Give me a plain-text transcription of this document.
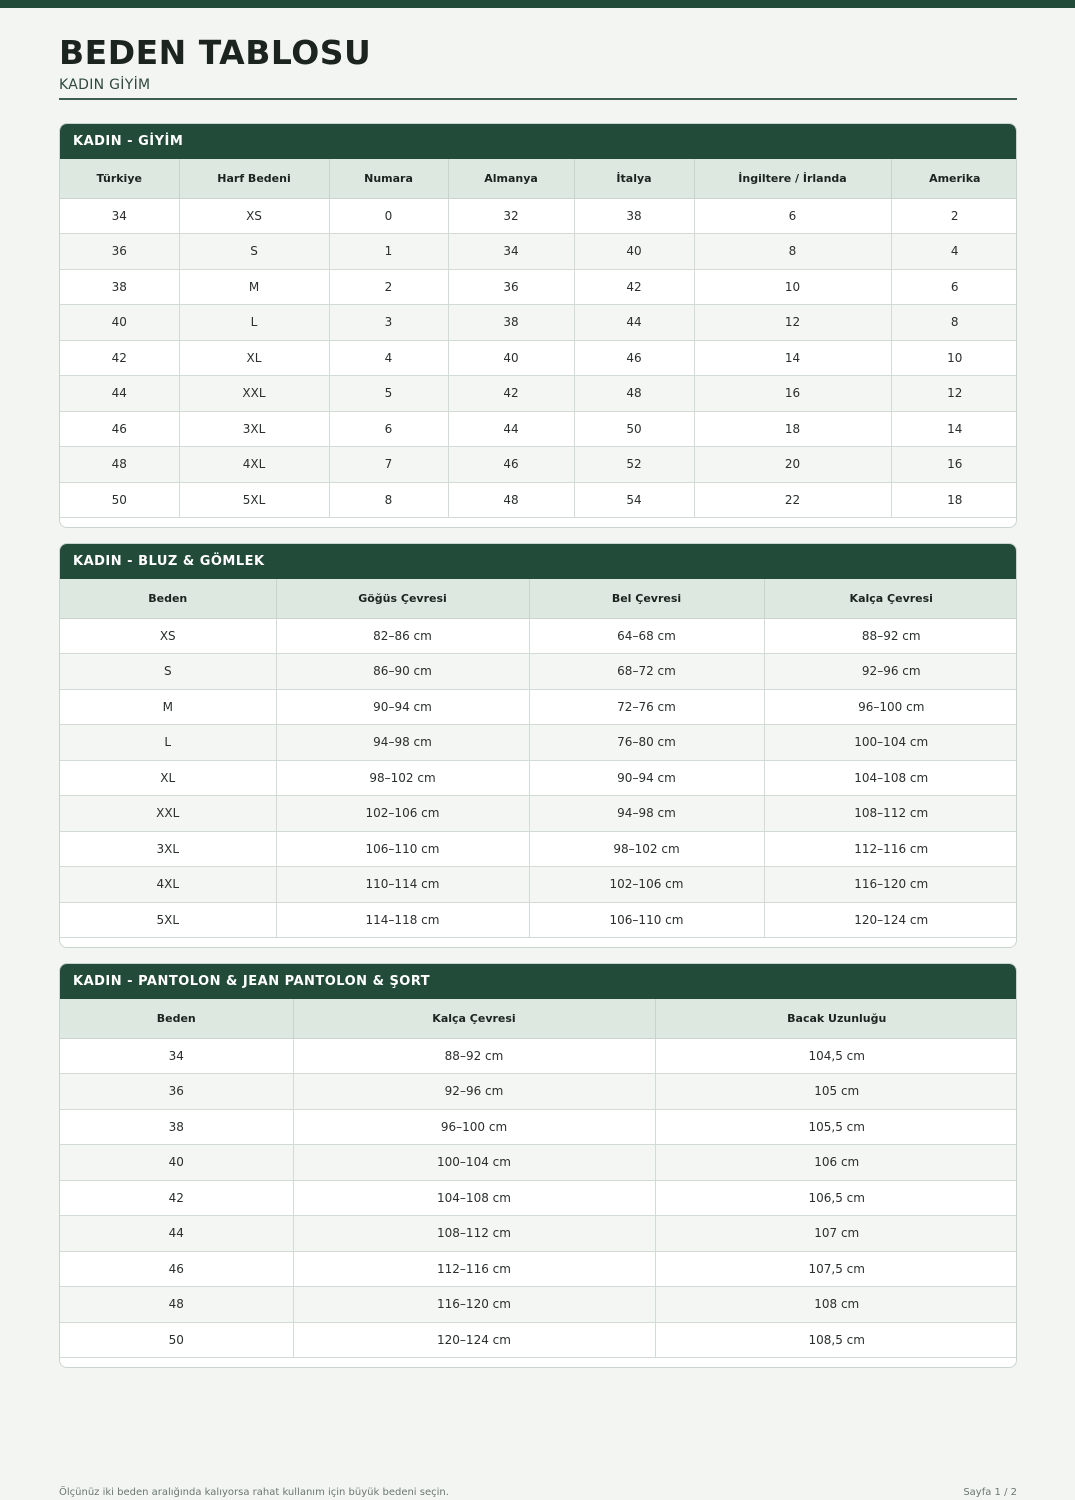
BEDEN TABLOSU
KADIN GİYİM
KADIN - GİYİM
Türkiye	Harf Bedeni	Numara	Almanya	İtalya	İngiltere / İrlanda	Amerika
34	XS	0	32	38	6	2
36	S	1	34	40	8	4
38	M	2	36	42	10	6
40	L	3	38	44	12	8
42	XL	4	40	46	14	10
44	XXL	5	42	48	16	12
46	3XL	6	44	50	18	14
48	4XL	7	46	52	20	16
50	5XL	8	48	54	22	18
KADIN - BLUZ & GÖMLEK
Beden	Göğüs Çevresi	Bel Çevresi	Kalça Çevresi
XS	82–86 cm	64–68 cm	88–92 cm
S	86–90 cm	68–72 cm	92–96 cm
M	90–94 cm	72–76 cm	96–100 cm
L	94–98 cm	76–80 cm	100–104 cm
XL	98–102 cm	90–94 cm	104–108 cm
XXL	102–106 cm	94–98 cm	108–112 cm
3XL	106–110 cm	98–102 cm	112–116 cm
4XL	110–114 cm	102–106 cm	116–120 cm
5XL	114–118 cm	106–110 cm	120–124 cm
KADIN - PANTOLON & JEAN PANTOLON & ŞORT
Beden	Kalça Çevresi	Bacak Uzunluğu
34	88–92 cm	104,5 cm
36	92–96 cm	105 cm
38	96–100 cm	105,5 cm
40	100–104 cm	106 cm
42	104–108 cm	106,5 cm
44	108–112 cm	107 cm
46	112–116 cm	107,5 cm
48	116–120 cm	108 cm
50	120–124 cm	108,5 cm
Ölçünüz iki beden aralığında kalıyorsa rahat kullanım için büyük bedeni seçin.	Sayfa 1 / 2
